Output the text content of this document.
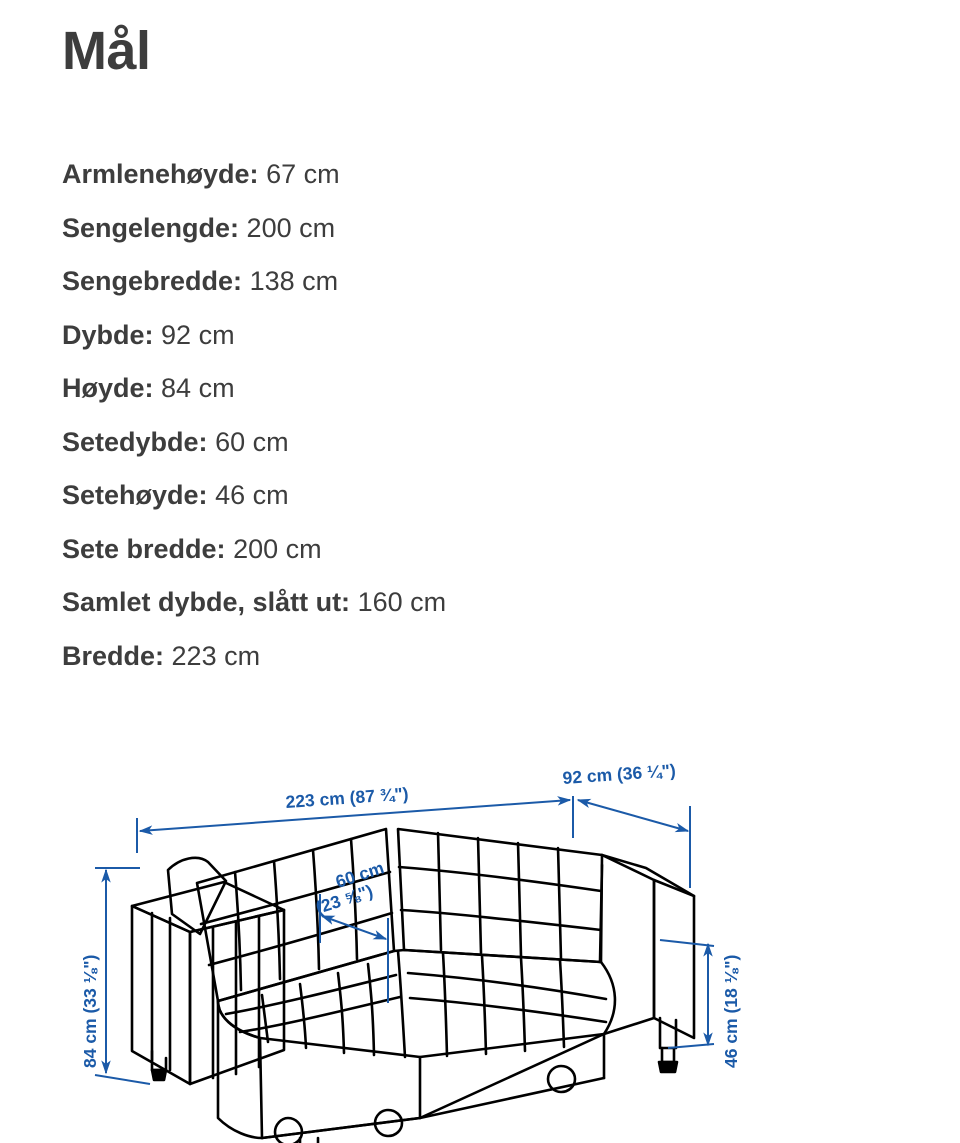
Mål
Armlenehøyde: 67 cm
Sengelengde: 200 cm
Sengebredde: 138 cm
Dybde: 92 cm
Høyde: 84 cm
Setedybde: 60 cm
Setehøyde: 46 cm
Sete bredde: 200 cm
Samlet dybde, slått ut: 160 cm
Bredde: 223 cm
223 cm (87 ¾")
92 cm (36 ¼")
60 cm
(23 ⅝")
84 cm (33 ⅛")	46 cm (18 ⅛")
